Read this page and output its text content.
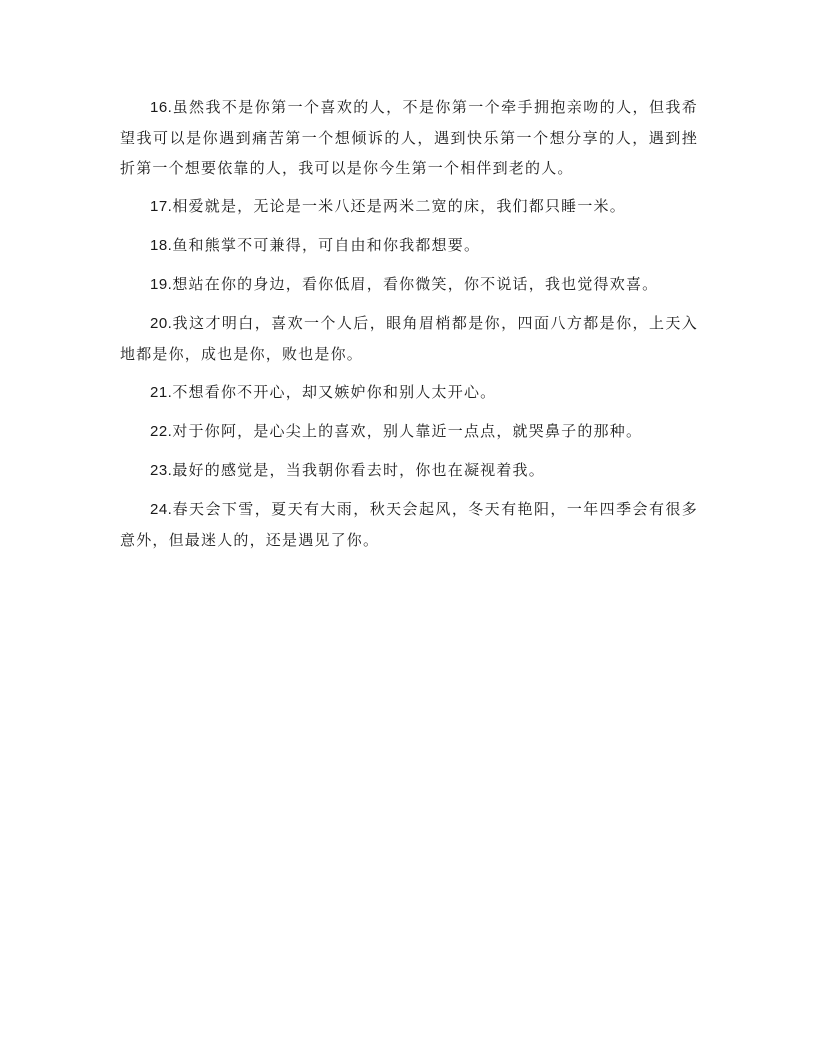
16.虽然我不是你第一个喜欢的人，不是你第一个牵手拥抱亲吻的人，但我希望我可以是你遇到痛苦第一个想倾诉的人，遇到快乐第一个想分享的人，遇到挫折第一个想要依靠的人，我可以是你今生第一个相伴到老的人。

17.相爱就是，无论是一米八还是两米二宽的床，我们都只睡一米。

18.鱼和熊掌不可兼得，可自由和你我都想要。

19.想站在你的身边，看你低眉，看你微笑，你不说话，我也觉得欢喜。

20.我这才明白，喜欢一个人后，眼角眉梢都是你，四面八方都是你，上天入地都是你，成也是你，败也是你。

21.不想看你不开心，却又嫉妒你和别人太开心。

22.对于你阿，是心尖上的喜欢，别人靠近一点点，就哭鼻子的那种。

23.最好的感觉是，当我朝你看去时，你也在凝视着我。

24.春天会下雪，夏天有大雨，秋天会起风，冬天有艳阳，一年四季会有很多意外，但最迷人的，还是遇见了你。
